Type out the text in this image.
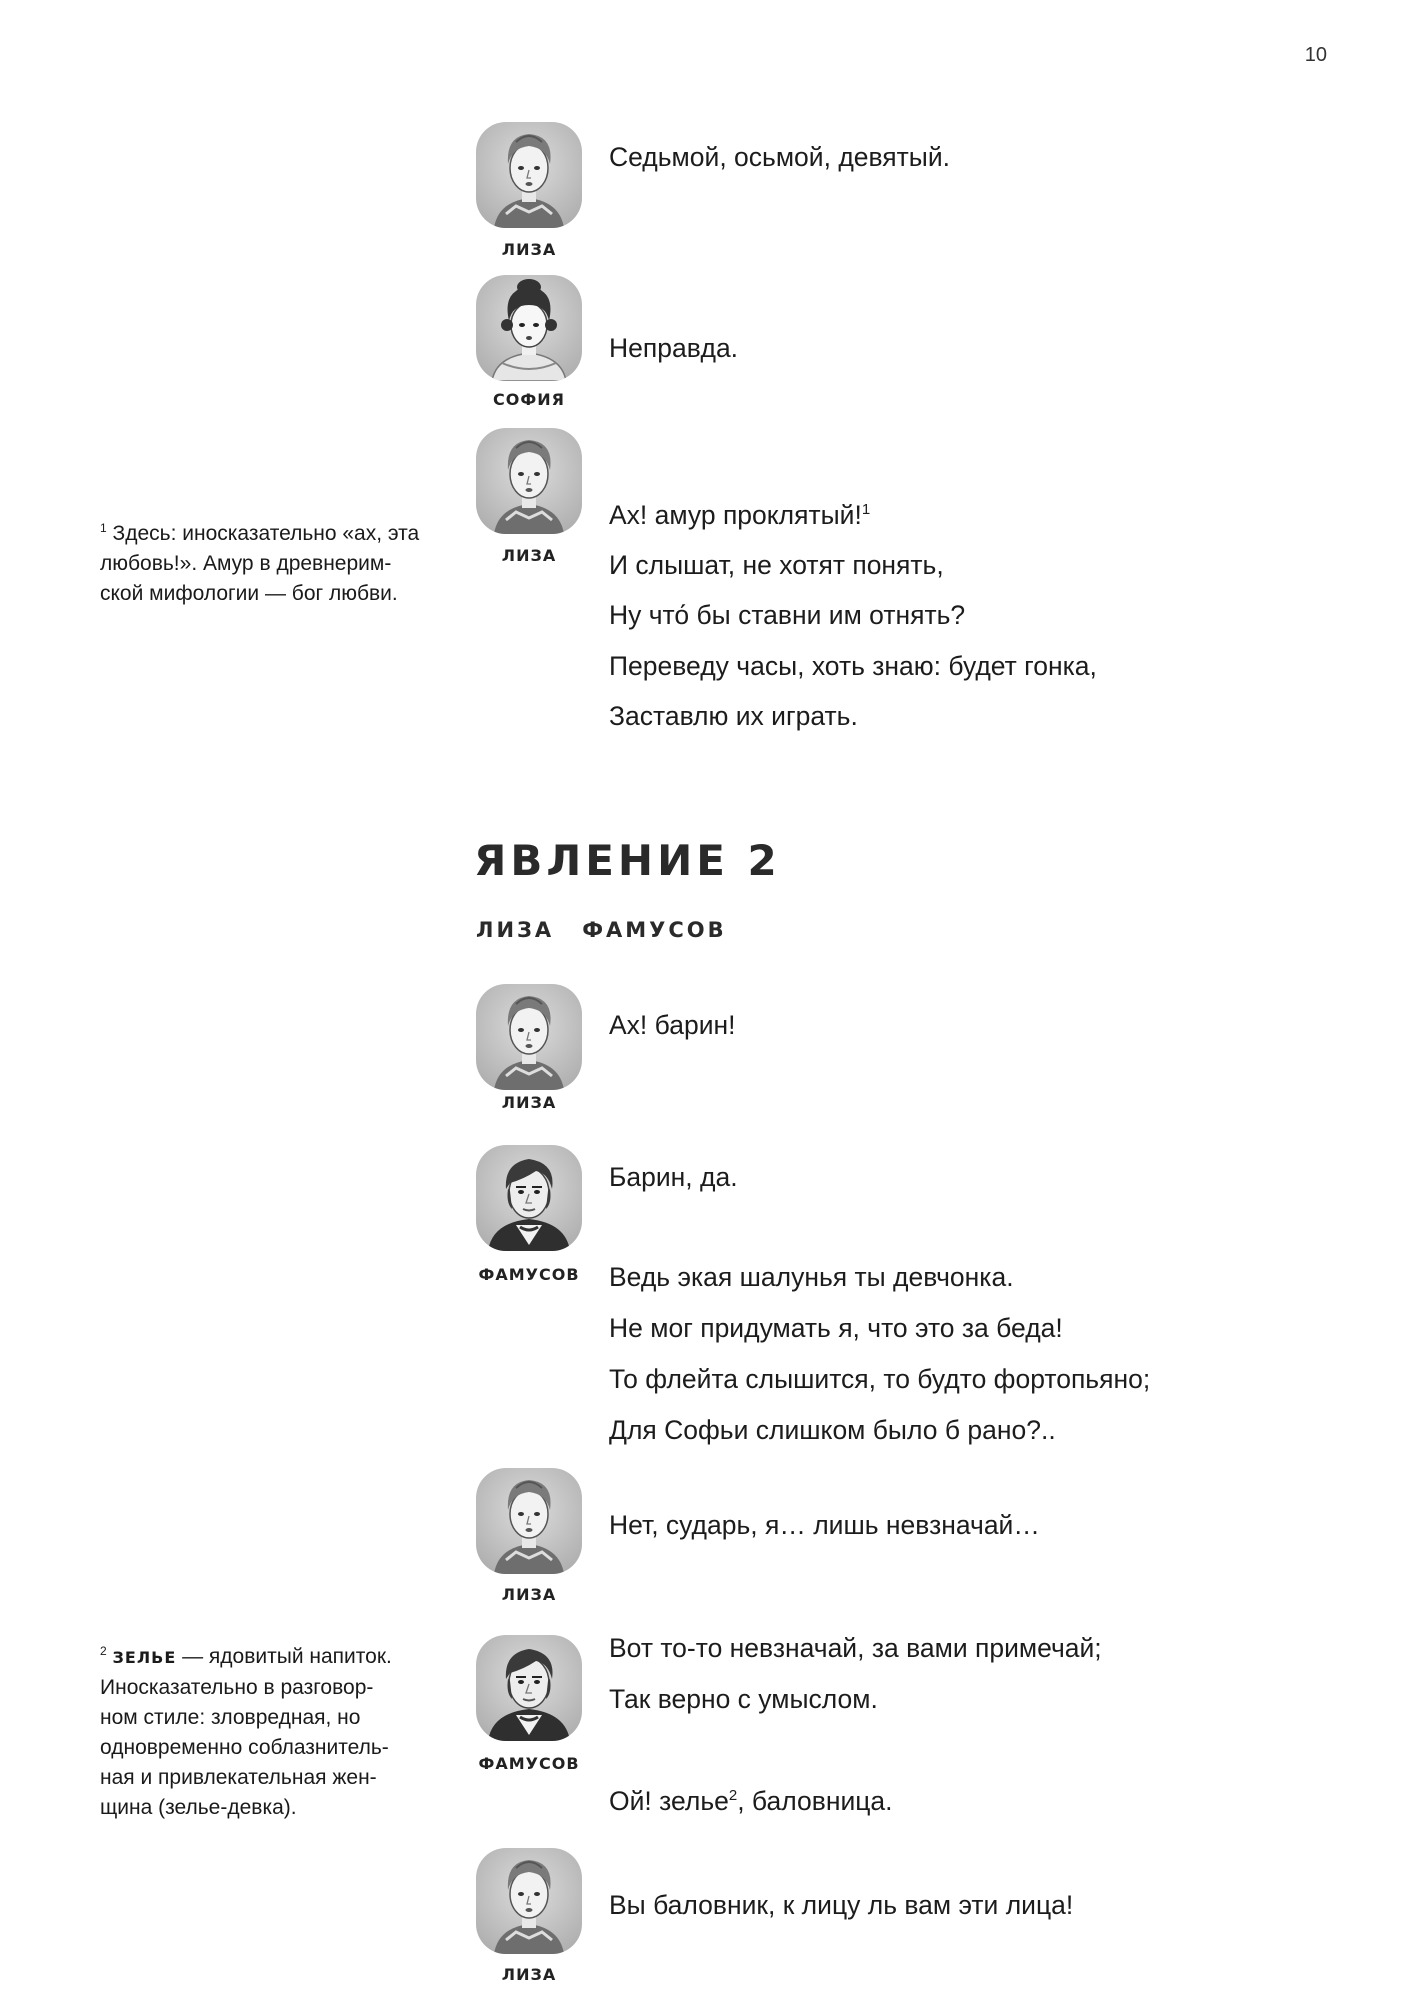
10
ЛИЗА
Седьмой, осьмой, девятый.
СОФИЯ
Неправда.
ЛИЗА
Ах! амур проклятый!$^1$
И слышат, не хотят понять,
Ну что́ бы ставни им отнять?
Переведу часы, хоть знаю: будет гонка,
Заставлю их играть.
$^1$ Здесь: иносказательно «ах, эта
любовь!». Амур в древнерим-
ской мифологии — бог любви.
ЯВЛЕНИЕ 2
ЛИЗА ФАМУСОВ
ЛИЗА
Ах! барин!
ФАМУСОВ
Барин, да.
Ведь экая шалунья ты девчонка.
Не мог придумать я, что это за беда!
То флейта слышится, то будто фортопьяно;
Для Софьи слишком было б рано?..
ЛИЗА
Нет, сударь, я… лишь невзначай…
ФАМУСОВ
Вот то-то невзначай, за вами примечай;
Так верно с умыслом.
Ой! зелье$^2$, баловница.
$^2$ ЗЕЛЬЕ — ядовитый напиток.
Иносказательно в разговор-
ном стиле: зловредная, но
одновременно соблазнитель-
ная и привлекательная жен-
щина (зелье-девка).
ЛИЗА
Вы баловник, к лицу ль вам эти лица!
